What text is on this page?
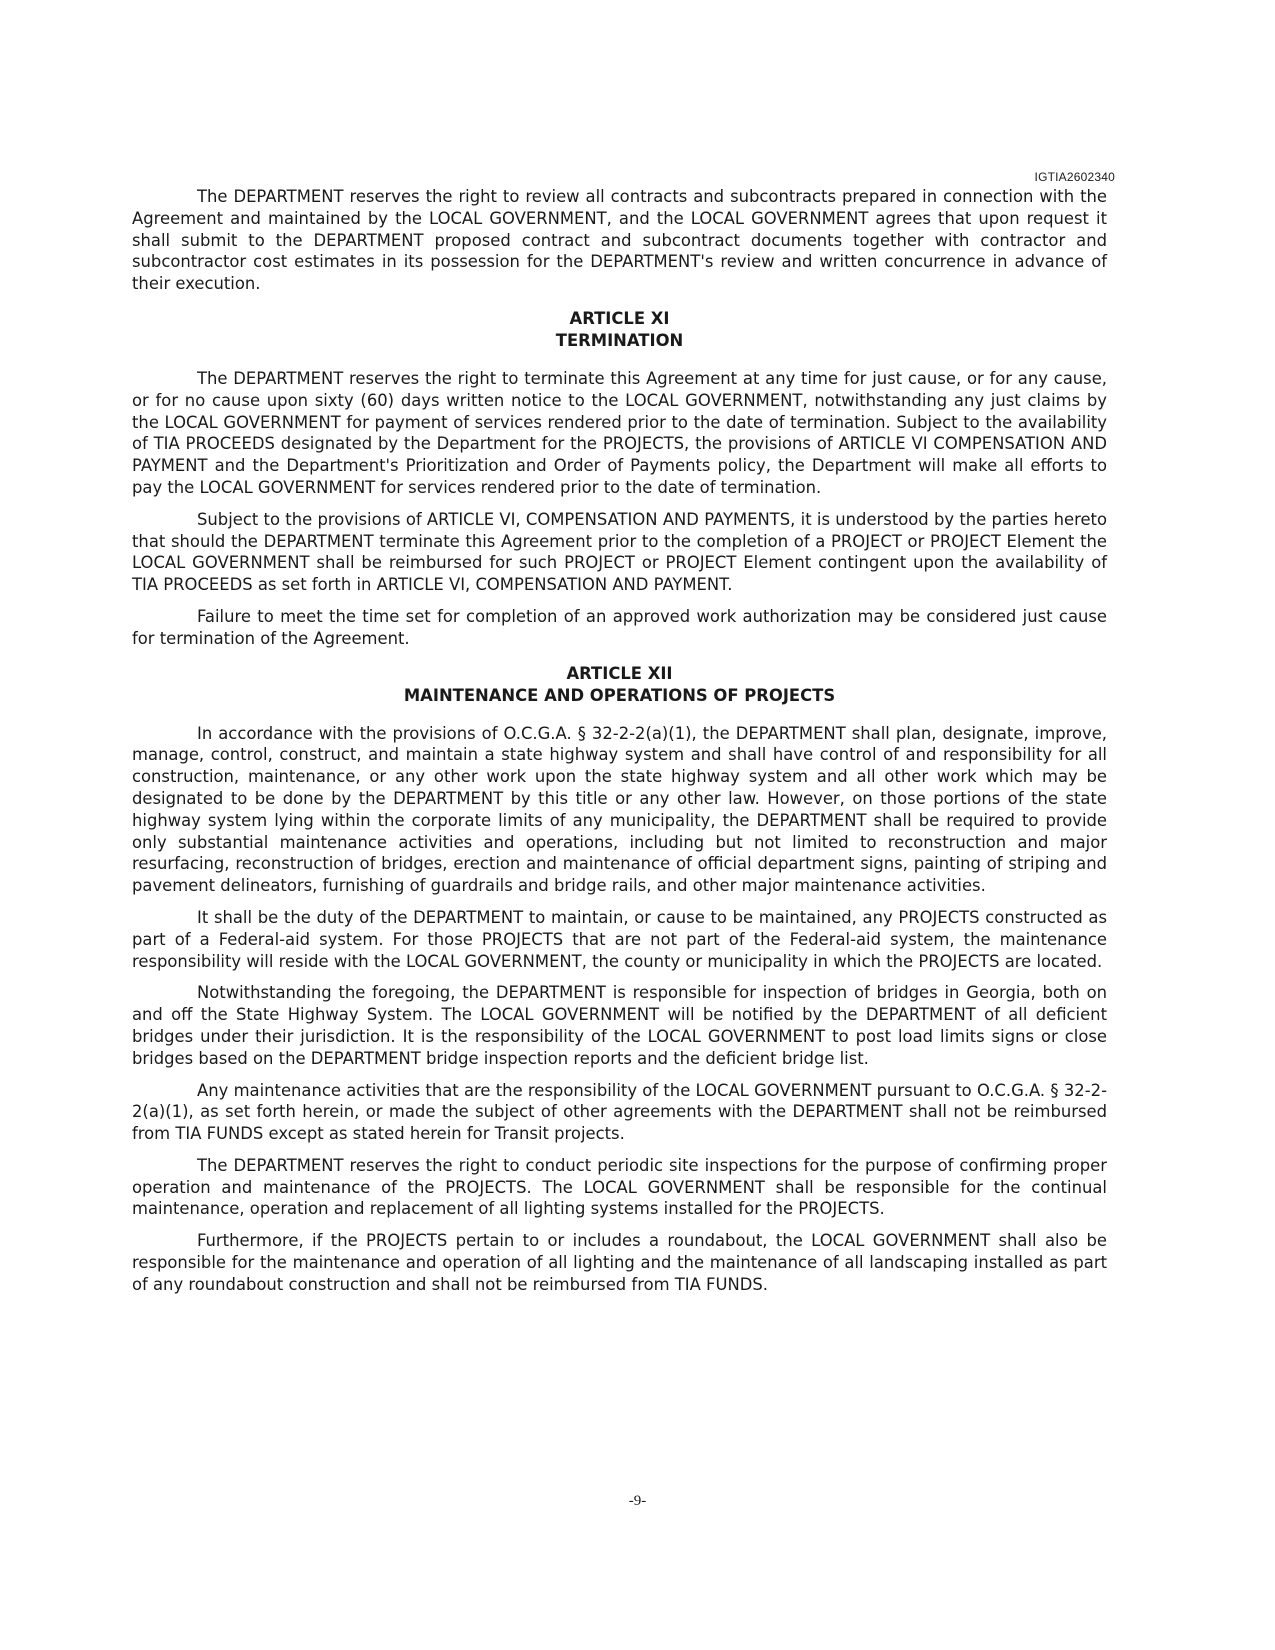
IGTIA2602340

The DEPARTMENT reserves the right to review all contracts and subcontracts prepared in connection with the Agreement and maintained by the LOCAL GOVERNMENT, and the LOCAL GOVERNMENT agrees that upon request it shall submit to the DEPARTMENT proposed contract and subcontract documents together with contractor and subcontractor cost estimates in its possession for the DEPARTMENT's review and written concurrence in advance of their execution.

ARTICLE XI
TERMINATION

The DEPARTMENT reserves the right to terminate this Agreement at any time for just cause, or for any cause, or for no cause upon sixty (60) days written notice to the LOCAL GOVERNMENT, notwithstanding any just claims by the LOCAL GOVERNMENT for payment of services rendered prior to the date of termination. Subject to the availability of TIA PROCEEDS designated by the Department for the PROJECTS, the provisions of ARTICLE VI COMPENSATION AND PAYMENT and the Department's Prioritization and Order of Payments policy, the Department will make all efforts to pay the LOCAL GOVERNMENT for services rendered prior to the date of termination.

Subject to the provisions of ARTICLE VI, COMPENSATION AND PAYMENTS, it is understood by the parties hereto that should the DEPARTMENT terminate this Agreement prior to the completion of a PROJECT or PROJECT Element the LOCAL GOVERNMENT shall be reimbursed for such PROJECT or PROJECT Element contingent upon the availability of TIA PROCEEDS as set forth in ARTICLE VI, COMPENSATION AND PAYMENT.

Failure to meet the time set for completion of an approved work authorization may be considered just cause for termination of the Agreement.

ARTICLE XII
MAINTENANCE AND OPERATIONS OF PROJECTS

In accordance with the provisions of O.C.G.A. § 32-2-2(a)(1), the DEPARTMENT shall plan, designate, improve, manage, control, construct, and maintain a state highway system and shall have control of and responsibility for all construction, maintenance, or any other work upon the state highway system and all other work which may be designated to be done by the DEPARTMENT by this title or any other law. However, on those portions of the state highway system lying within the corporate limits of any municipality, the DEPARTMENT shall be required to provide only substantial maintenance activities and operations, including but not limited to reconstruction and major resurfacing, reconstruction of bridges, erection and maintenance of official department signs, painting of striping and pavement delineators, furnishing of guardrails and bridge rails, and other major maintenance activities.

It shall be the duty of the DEPARTMENT to maintain, or cause to be maintained, any PROJECTS constructed as part of a Federal-aid system. For those PROJECTS that are not part of the Federal-aid system, the maintenance responsibility will reside with the LOCAL GOVERNMENT, the county or municipality in which the PROJECTS are located.

Notwithstanding the foregoing, the DEPARTMENT is responsible for inspection of bridges in Georgia, both on and off the State Highway System. The LOCAL GOVERNMENT will be notified by the DEPARTMENT of all deficient bridges under their jurisdiction. It is the responsibility of the LOCAL GOVERNMENT to post load limits signs or close bridges based on the DEPARTMENT bridge inspection reports and the deficient bridge list.

Any maintenance activities that are the responsibility of the LOCAL GOVERNMENT pursuant to O.C.G.A. § 32-2-2(a)(1), as set forth herein, or made the subject of other agreements with the DEPARTMENT shall not be reimbursed from TIA FUNDS except as stated herein for Transit projects.

The DEPARTMENT reserves the right to conduct periodic site inspections for the purpose of confirming proper operation and maintenance of the PROJECTS. The LOCAL GOVERNMENT shall be responsible for the continual maintenance, operation and replacement of all lighting systems installed for the PROJECTS.

Furthermore, if the PROJECTS pertain to or includes a roundabout, the LOCAL GOVERNMENT shall also be responsible for the maintenance and operation of all lighting and the maintenance of all landscaping installed as part of any roundabout construction and shall not be reimbursed from TIA FUNDS.

-9-
